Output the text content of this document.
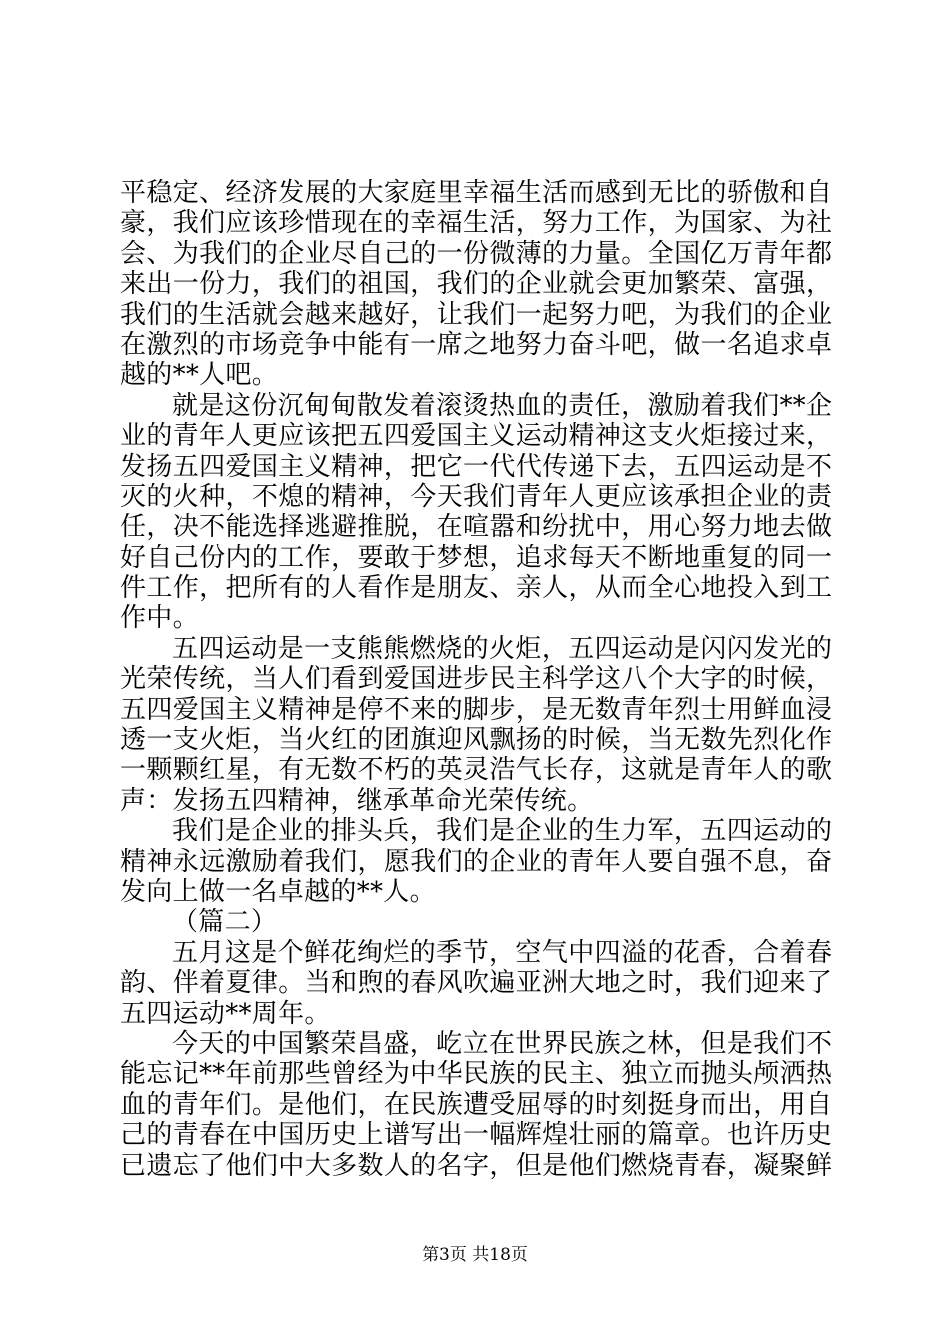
平稳定、经济发展的大家庭里幸福生活而感到无比的骄傲和自
豪，我们应该珍惜现在的幸福生活，努力工作，为国家、为社
会、为我们的企业尽自己的一份微薄的力量。全国亿万青年都
来出一份力，我们的祖国，我们的企业就会更加繁荣、富强，
我们的生活就会越来越好，让我们一起努力吧，为我们的企业
在激烈的市场竞争中能有一席之地努力奋斗吧，做一名追求卓
越的**人吧。
就是这份沉甸甸散发着滚烫热血的责任，激励着我们**企
业的青年人更应该把五四爱国主义运动精神这支火炬接过来，
发扬五四爱国主义精神，把它一代代传递下去，五四运动是不
灭的火种，不熄的精神，今天我们青年人更应该承担企业的责
任，决不能选择逃避推脱，在喧嚣和纷扰中，用心努力地去做
好自己份内的工作，要敢于梦想，追求每天不断地重复的同一
件工作，把所有的人看作是朋友、亲人，从而全心地投入到工
作中。
五四运动是一支熊熊燃烧的火炬，五四运动是闪闪发光的
光荣传统，当人们看到爱国进步民主科学这八个大字的时候，
五四爱国主义精神是停不来的脚步，是无数青年烈士用鲜血浸
透一支火炬，当火红的团旗迎风飘扬的时候，当无数先烈化作
一颗颗红星，有无数不朽的英灵浩气长存，这就是青年人的歌
声：发扬五四精神，继承革命光荣传统。
我们是企业的排头兵，我们是企业的生力军，五四运动的
精神永远激励着我们，愿我们的企业的青年人要自强不息，奋
发向上做一名卓越的**人。
（篇二）
五月这是个鲜花绚烂的季节，空气中四溢的花香，合着春
韵、伴着夏律。当和煦的春风吹遍亚洲大地之时，我们迎来了
五四运动**周年。
今天的中国繁荣昌盛，屹立在世界民族之林，但是我们不
能忘记**年前那些曾经为中华民族的民主、独立而抛头颅洒热
血的青年们。是他们，在民族遭受屈辱的时刻挺身而出，用自
己的青春在中国历史上谱写出一幅辉煌壮丽的篇章。也许历史
已遗忘了他们中大多数人的名字，但是他们燃烧青春，凝聚鲜
第3页 共18页
